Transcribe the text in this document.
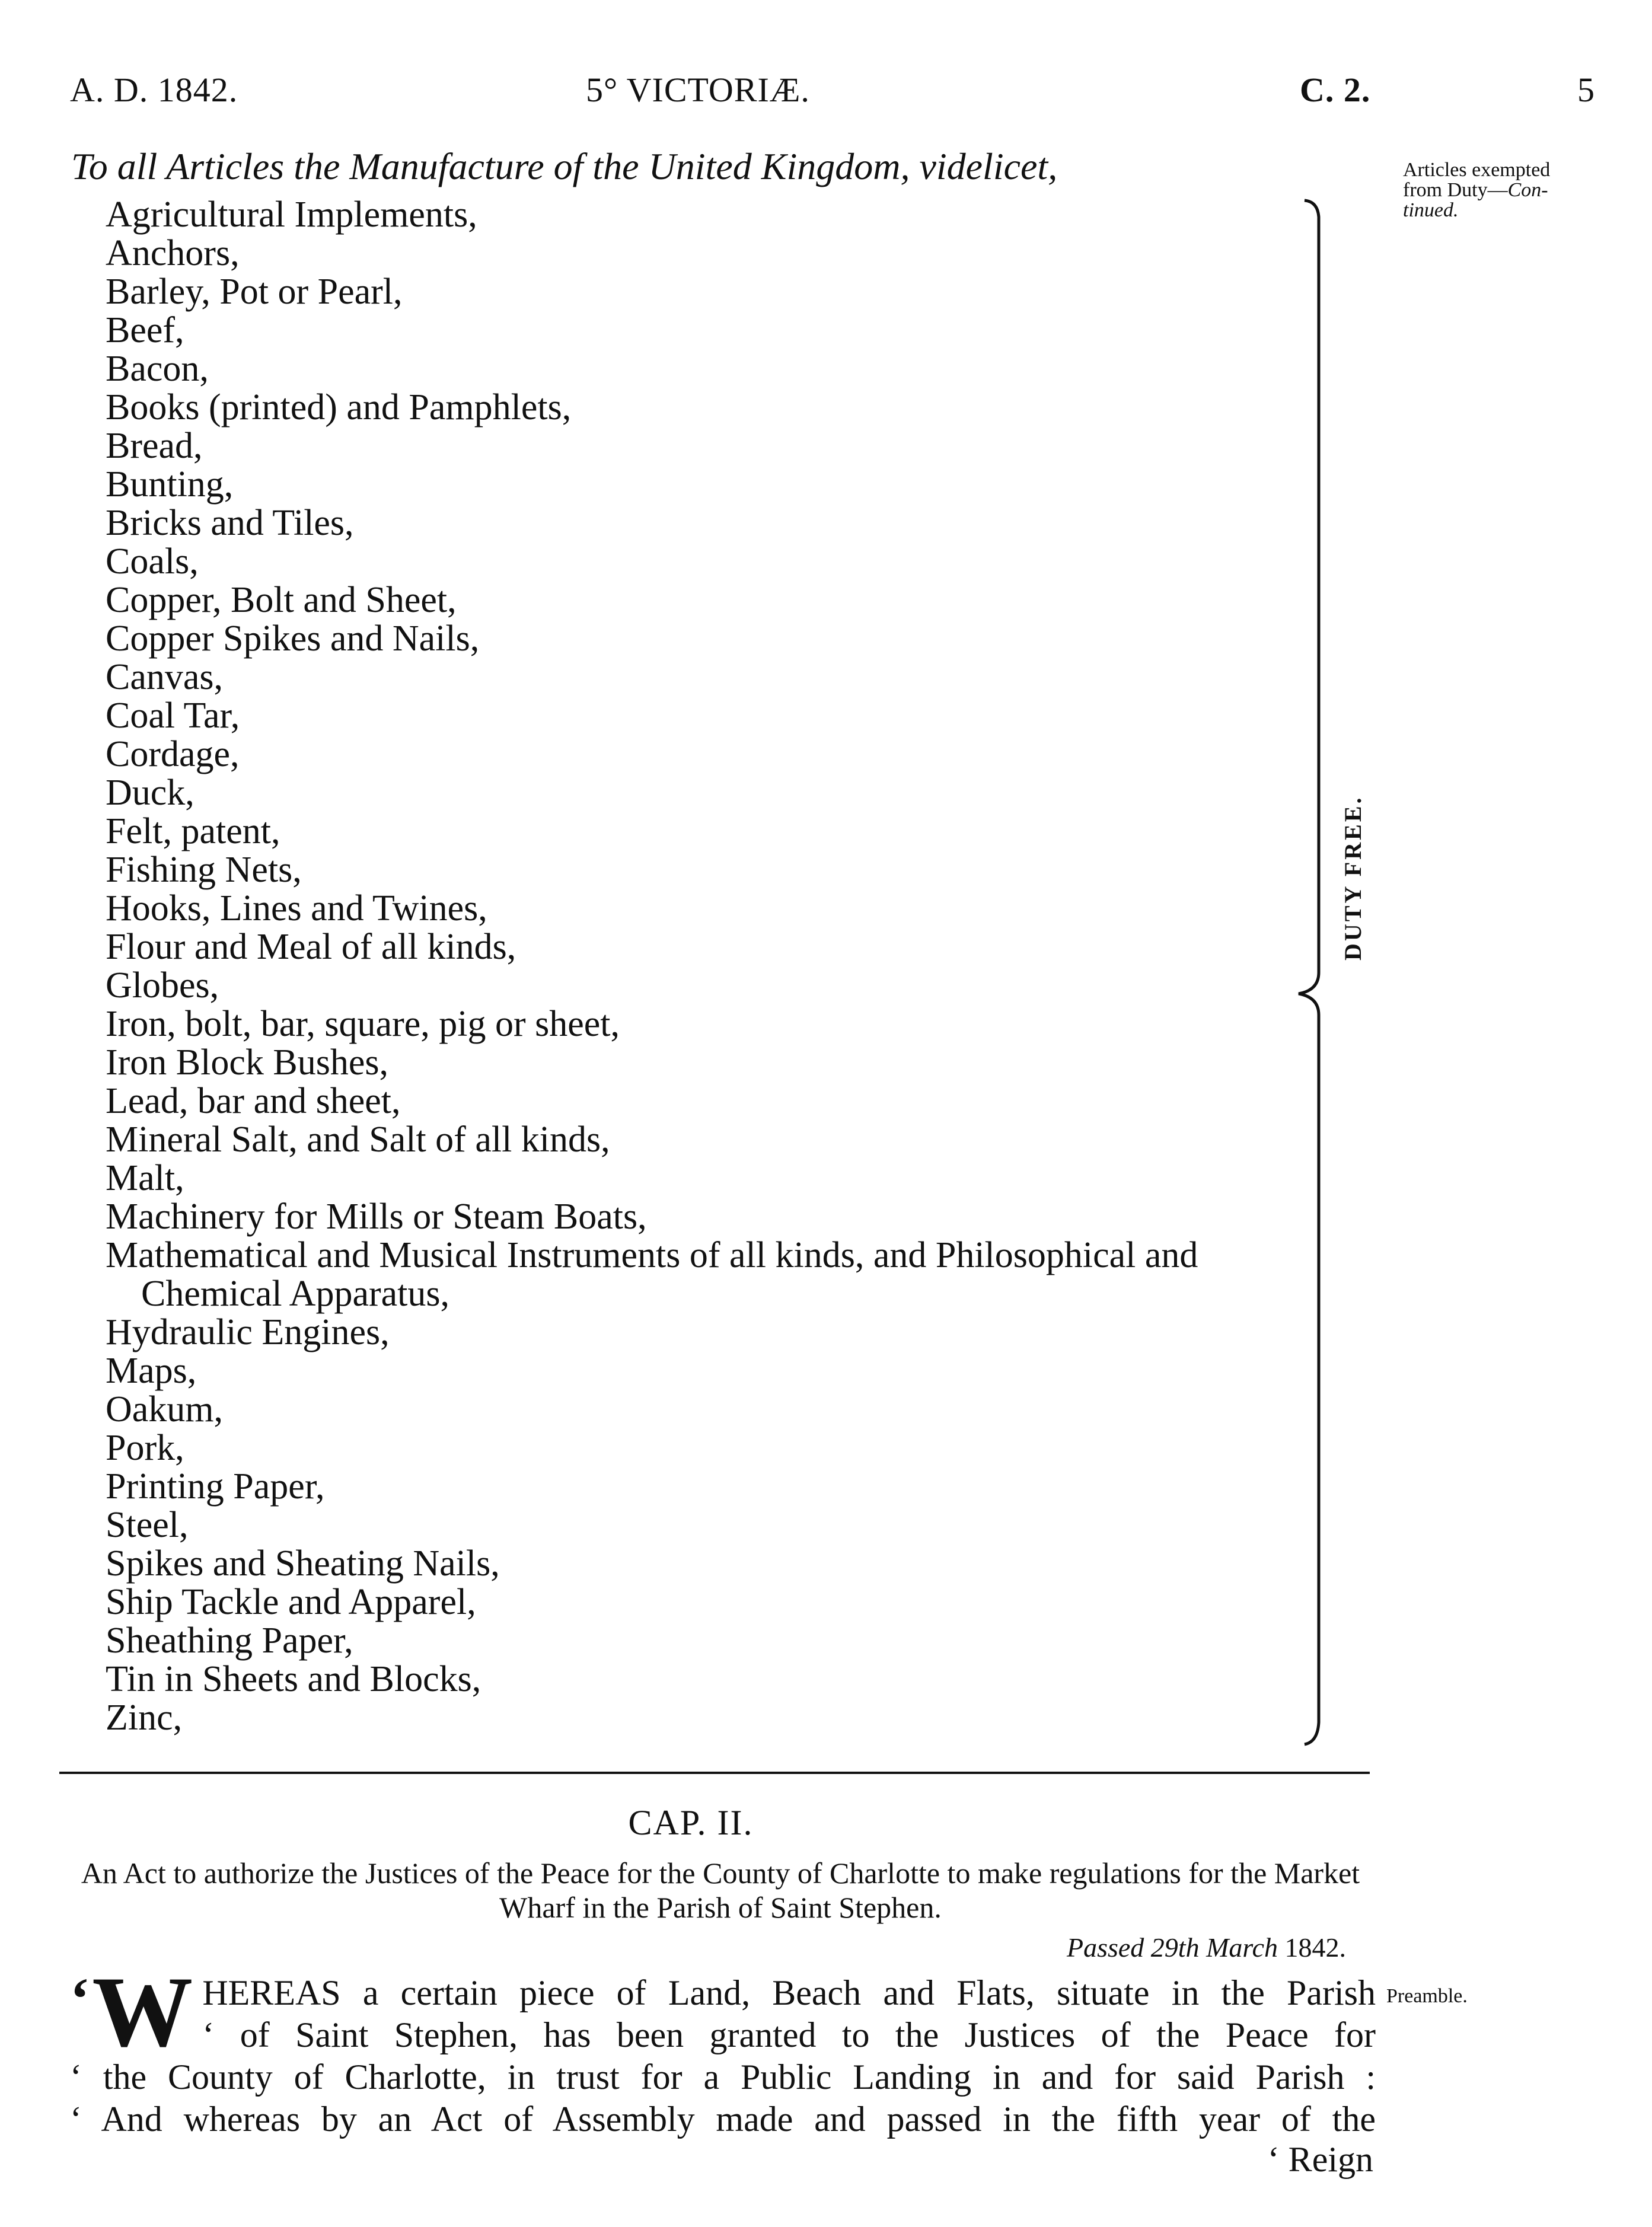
A. D. 1842.	5° VICTORIÆ.	C. 2.	5
To all Articles the Manufacture of the United Kingdom, videlicet,	Articles exempted
from Duty—Con-
tinued.
Agricultural Implements,
Anchors,
Barley, Pot or Pearl,
Beef,
Bacon,
Books (printed) and Pamphlets,
Bread,
Bunting,
Bricks and Tiles,
Coals,
Copper, Bolt and Sheet,
Copper Spikes and Nails,
Canvas,
Coal Tar,
Cordage,
Duck,
Felt, patent,
Fishing Nets,
Hooks, Lines and Twines,
Flour and Meal of all kinds,
Globes,
Iron, bolt, bar, square, pig or sheet,
Iron Block Bushes,
Lead, bar and sheet,
Mineral Salt, and Salt of all kinds,
Malt,
Machinery for Mills or Steam Boats,
Mathematical and Musical Instruments of all kinds, and Philosophical and
Chemical Apparatus,
Hydraulic Engines,
Maps,
Oakum,
Pork,
Printing Paper,
Steel,
Spikes and Sheating Nails,
Ship Tackle and Apparel,
Sheathing Paper,
Tin in Sheets and Blocks,
Zinc,
DUTY FREE.
CAP. II.
An Act to authorize the Justices of the Peace for the County of Charlotte to make regulations for the Market Wharf in the Parish of Saint Stephen.
Passed 29th March 1842.
Preamble.
‘ W HEREAS a certain piece of Land, Beach and Flats, situate in the Parish
‘ of Saint Stephen, has been granted to the Justices of the Peace for
‘ the County of Charlotte, in trust for a Public Landing in and for said Parish :
‘ And whereas by an Act of Assembly made and passed in the fifth year of the
‘ Reign
